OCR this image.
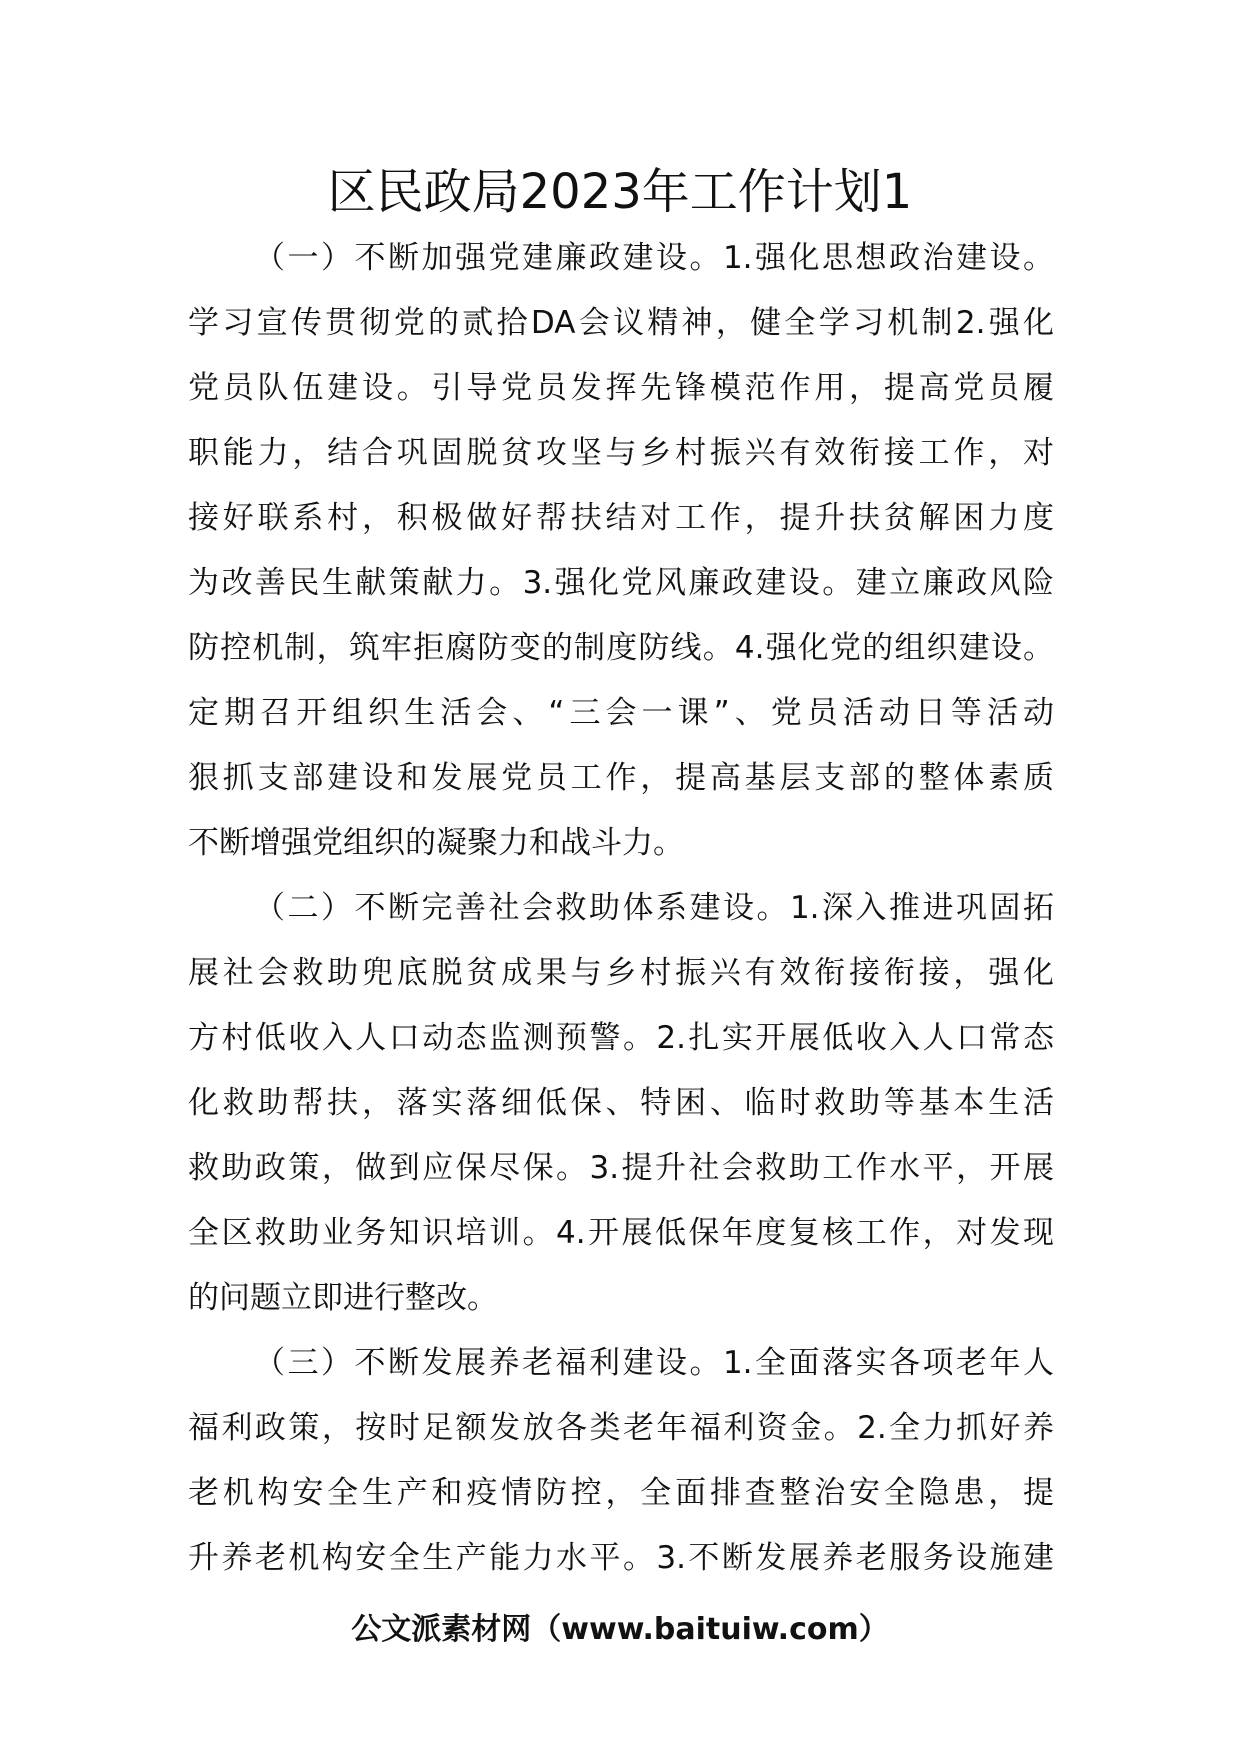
区民政局2023年工作计划1
（一）不断加强党建廉政建设。1.强化思想政治建设。
学习宣传贯彻党的贰拾DA会议精神，健全学习机制2.强化
党员队伍建设。引导党员发挥先锋模范作用，提高党员履
职能力，结合巩固脱贫攻坚与乡村振兴有效衔接工作，对
接好联系村，积极做好帮扶结对工作，提升扶贫解困力度
为改善民生献策献力。3.强化党风廉政建设。建立廉政风险
防控机制，筑牢拒腐防变的制度防线。4.强化党的组织建设。
定期召开组织生活会、“三会一课”、党员活动日等活动
狠抓支部建设和发展党员工作，提高基层支部的整体素质
不断增强党组织的凝聚力和战斗力。
（二）不断完善社会救助体系建设。1.深入推进巩固拓
展社会救助兜底脱贫成果与乡村振兴有效衔接衔接，强化
方村低收入人口动态监测预警。2.扎实开展低收入人口常态
化救助帮扶，落实落细低保、特困、临时救助等基本生活
救助政策，做到应保尽保。3.提升社会救助工作水平，开展
全区救助业务知识培训。4.开展低保年度复核工作，对发现
的问题立即进行整改。
（三）不断发展养老福利建设。1.全面落实各项老年人
福利政策，按时足额发放各类老年福利资金。2.全力抓好养
老机构安全生产和疫情防控，全面排查整治安全隐患，提
升养老机构安全生产能力水平。3.不断发展养老服务设施建
公文派素材网（www.baituiw.com）
